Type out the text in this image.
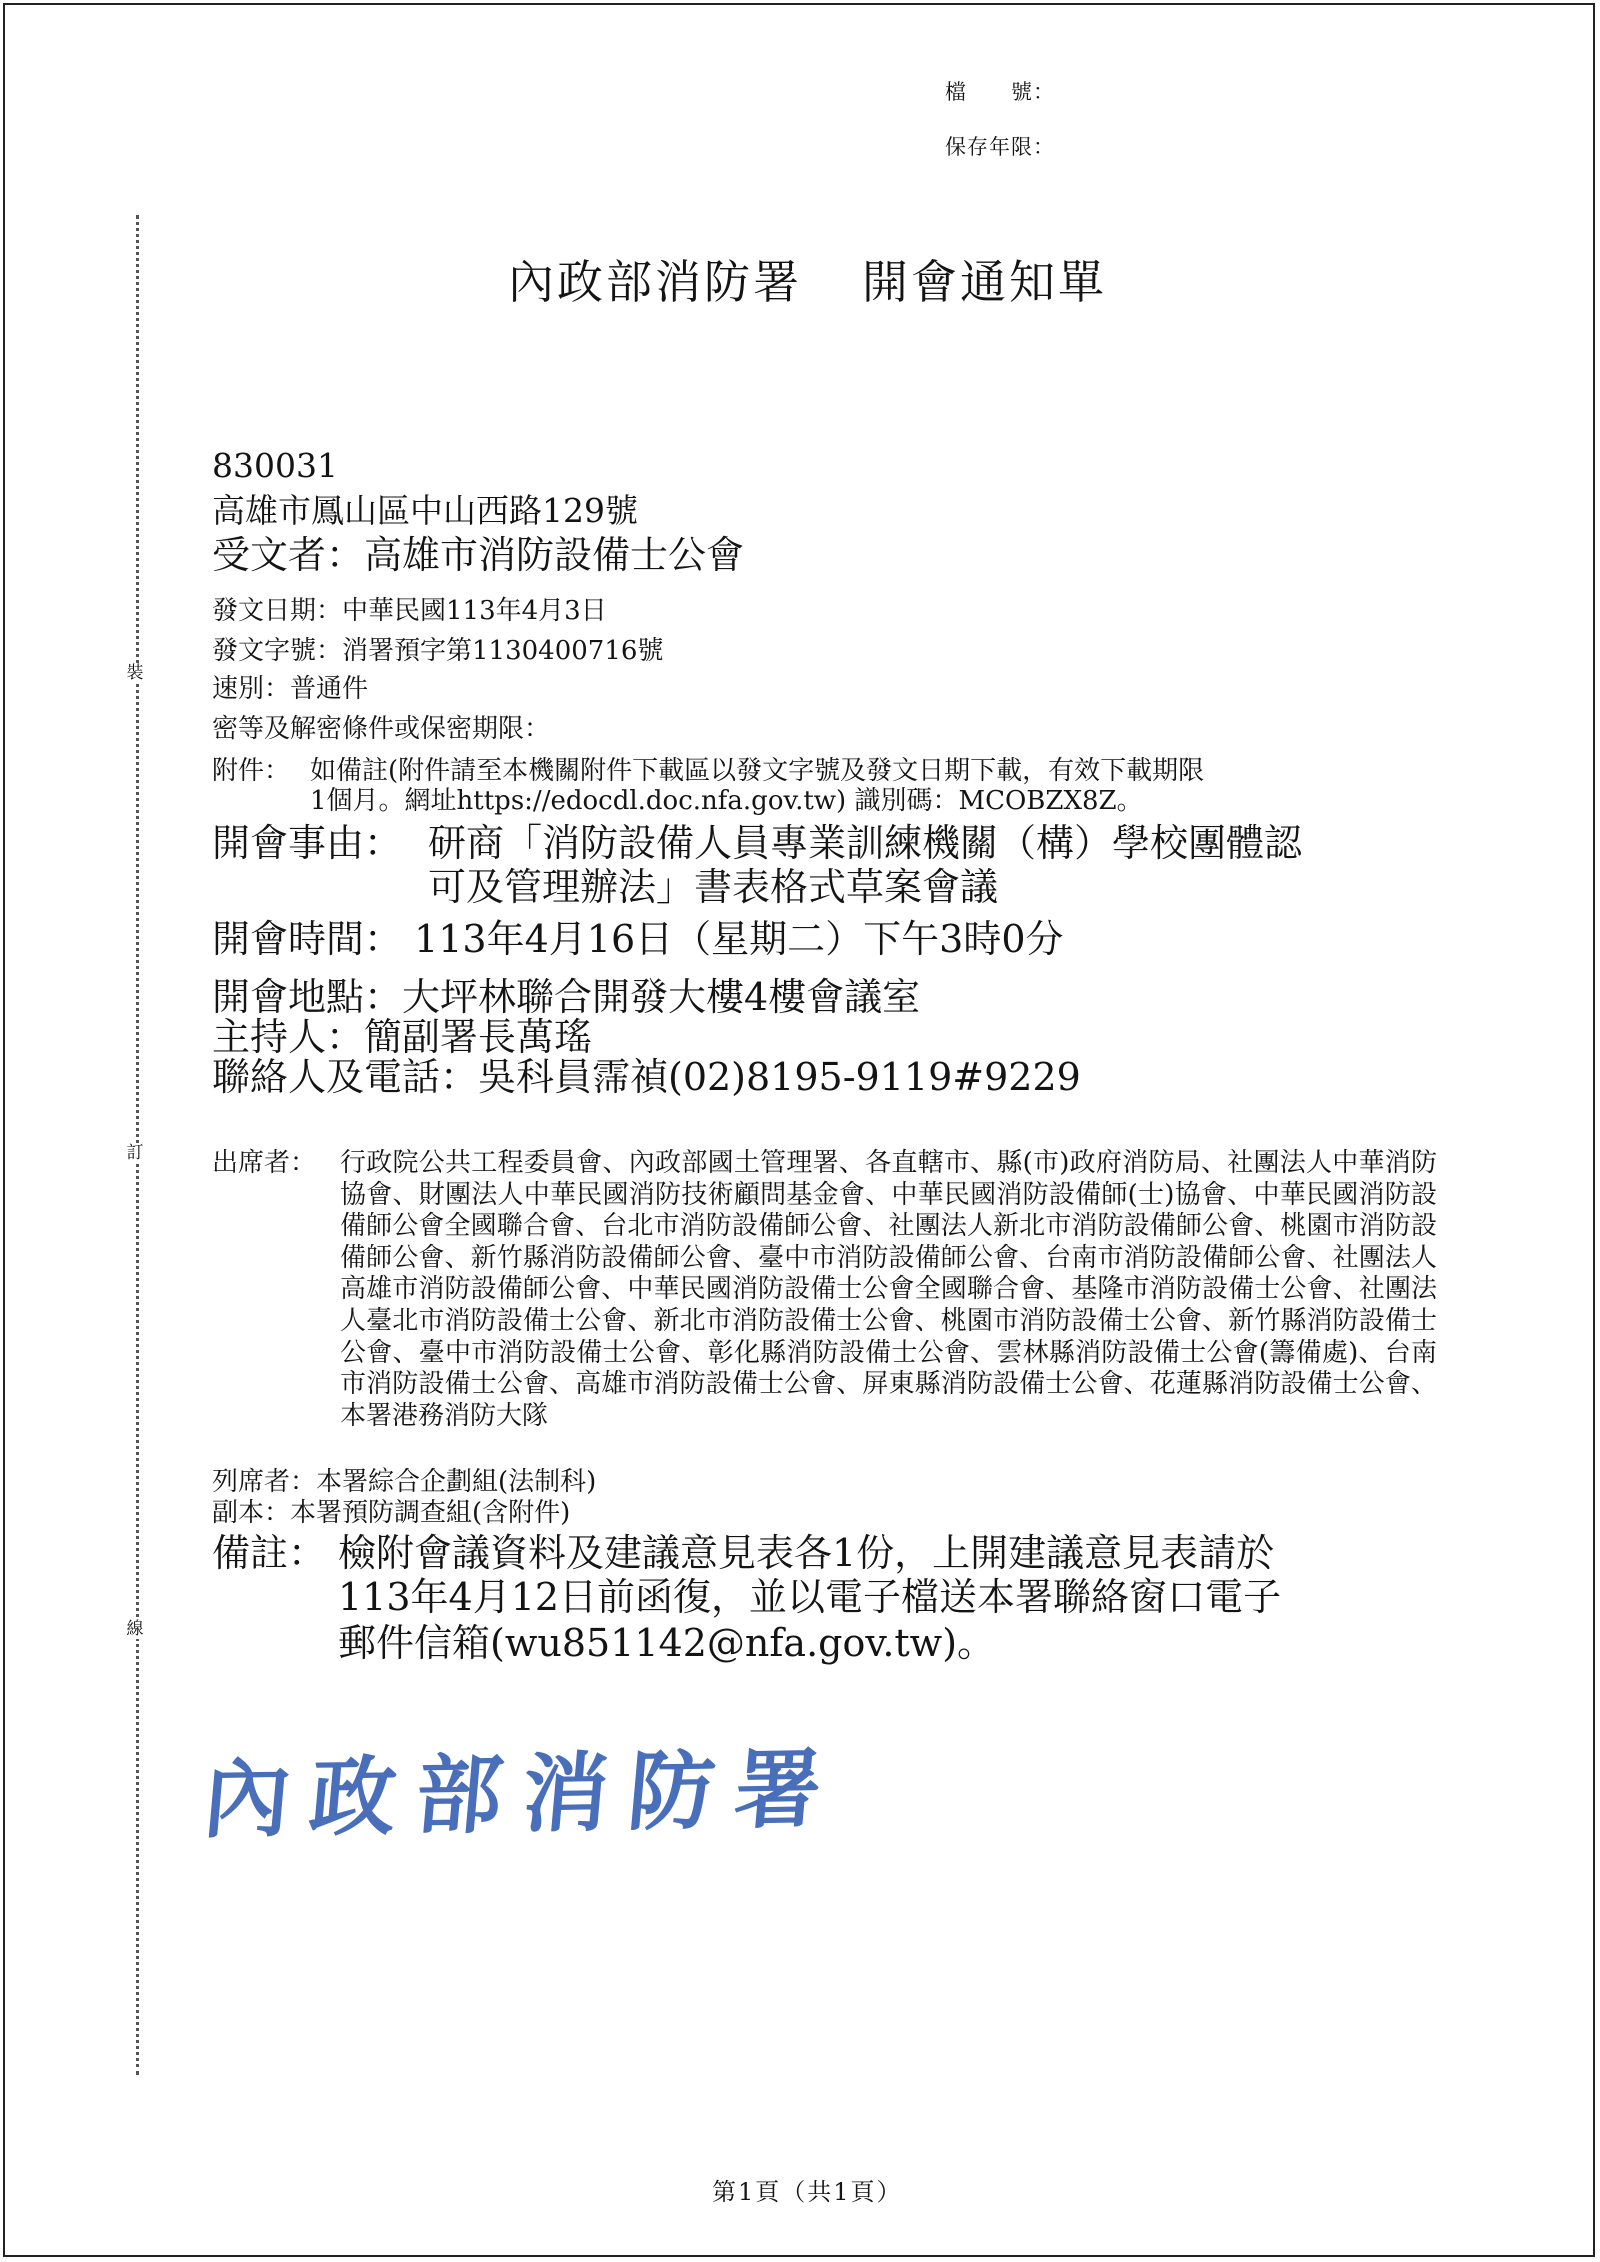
裝
訂
線
檔　　號：
保存年限：
內政部消防署 開會通知單
830031
高雄市鳳山區中山西路129號
受文者：高雄市消防設備士公會
發文日期：中華民國113年4月3日
發文字號：消署預字第1130400716號
速別：普通件
密等及解密條件或保密期限：
附件： 如備註(附件請至本機關附件下載區以發文字號及發文日期下載，有效下載期限
1個月。網址https://edocdl.doc.nfa.gov.tw) 識別碼：MCOBZX8Z。
開會事由： 研商「消防設備人員專業訓練機關（構）學校團體認
可及管理辦法」書表格式草案會議
開會時間： 113年4月16日（星期二）下午3時0分
開會地點：大坪林聯合開發大樓4樓會議室
主持人：簡副署長萬瑤
聯絡人及電話：吳科員霈禎(02)8195-9119#9229
出席者： 行政院公共工程委員會、內政部國土管理署、各直轄市、縣(市)政府消防局、社團法人中華消防協會、財團法人中華民國消防技術顧問基金會、中華民國消防設備師(士)協會、中華民國消防設備師公會全國聯合會、台北市消防設備師公會、社團法人新北市消防設備師公會、桃園市消防設備師公會、新竹縣消防設備師公會、臺中市消防設備師公會、台南市消防設備師公會、社團法人高雄市消防設備師公會、中華民國消防設備士公會全國聯合會、基隆市消防設備士公會、社團法人臺北市消防設備士公會、新北市消防設備士公會、桃園市消防設備士公會、新竹縣消防設備士公會、臺中市消防設備士公會、彰化縣消防設備士公會、雲林縣消防設備士公會(籌備處)、台南市消防設備士公會、高雄市消防設備士公會、屏東縣消防設備士公會、花蓮縣消防設備士公會、本署港務消防大隊
列席者：本署綜合企劃組(法制科)
副本：本署預防調查組(含附件)
備註： 檢附會議資料及建議意見表各1份，上開建議意見表請於
113年4月12日前函復，並以電子檔送本署聯絡窗口電子
郵件信箱(wu851142@nfa.gov.tw)。
內政部消防署
第1頁（共1頁）
